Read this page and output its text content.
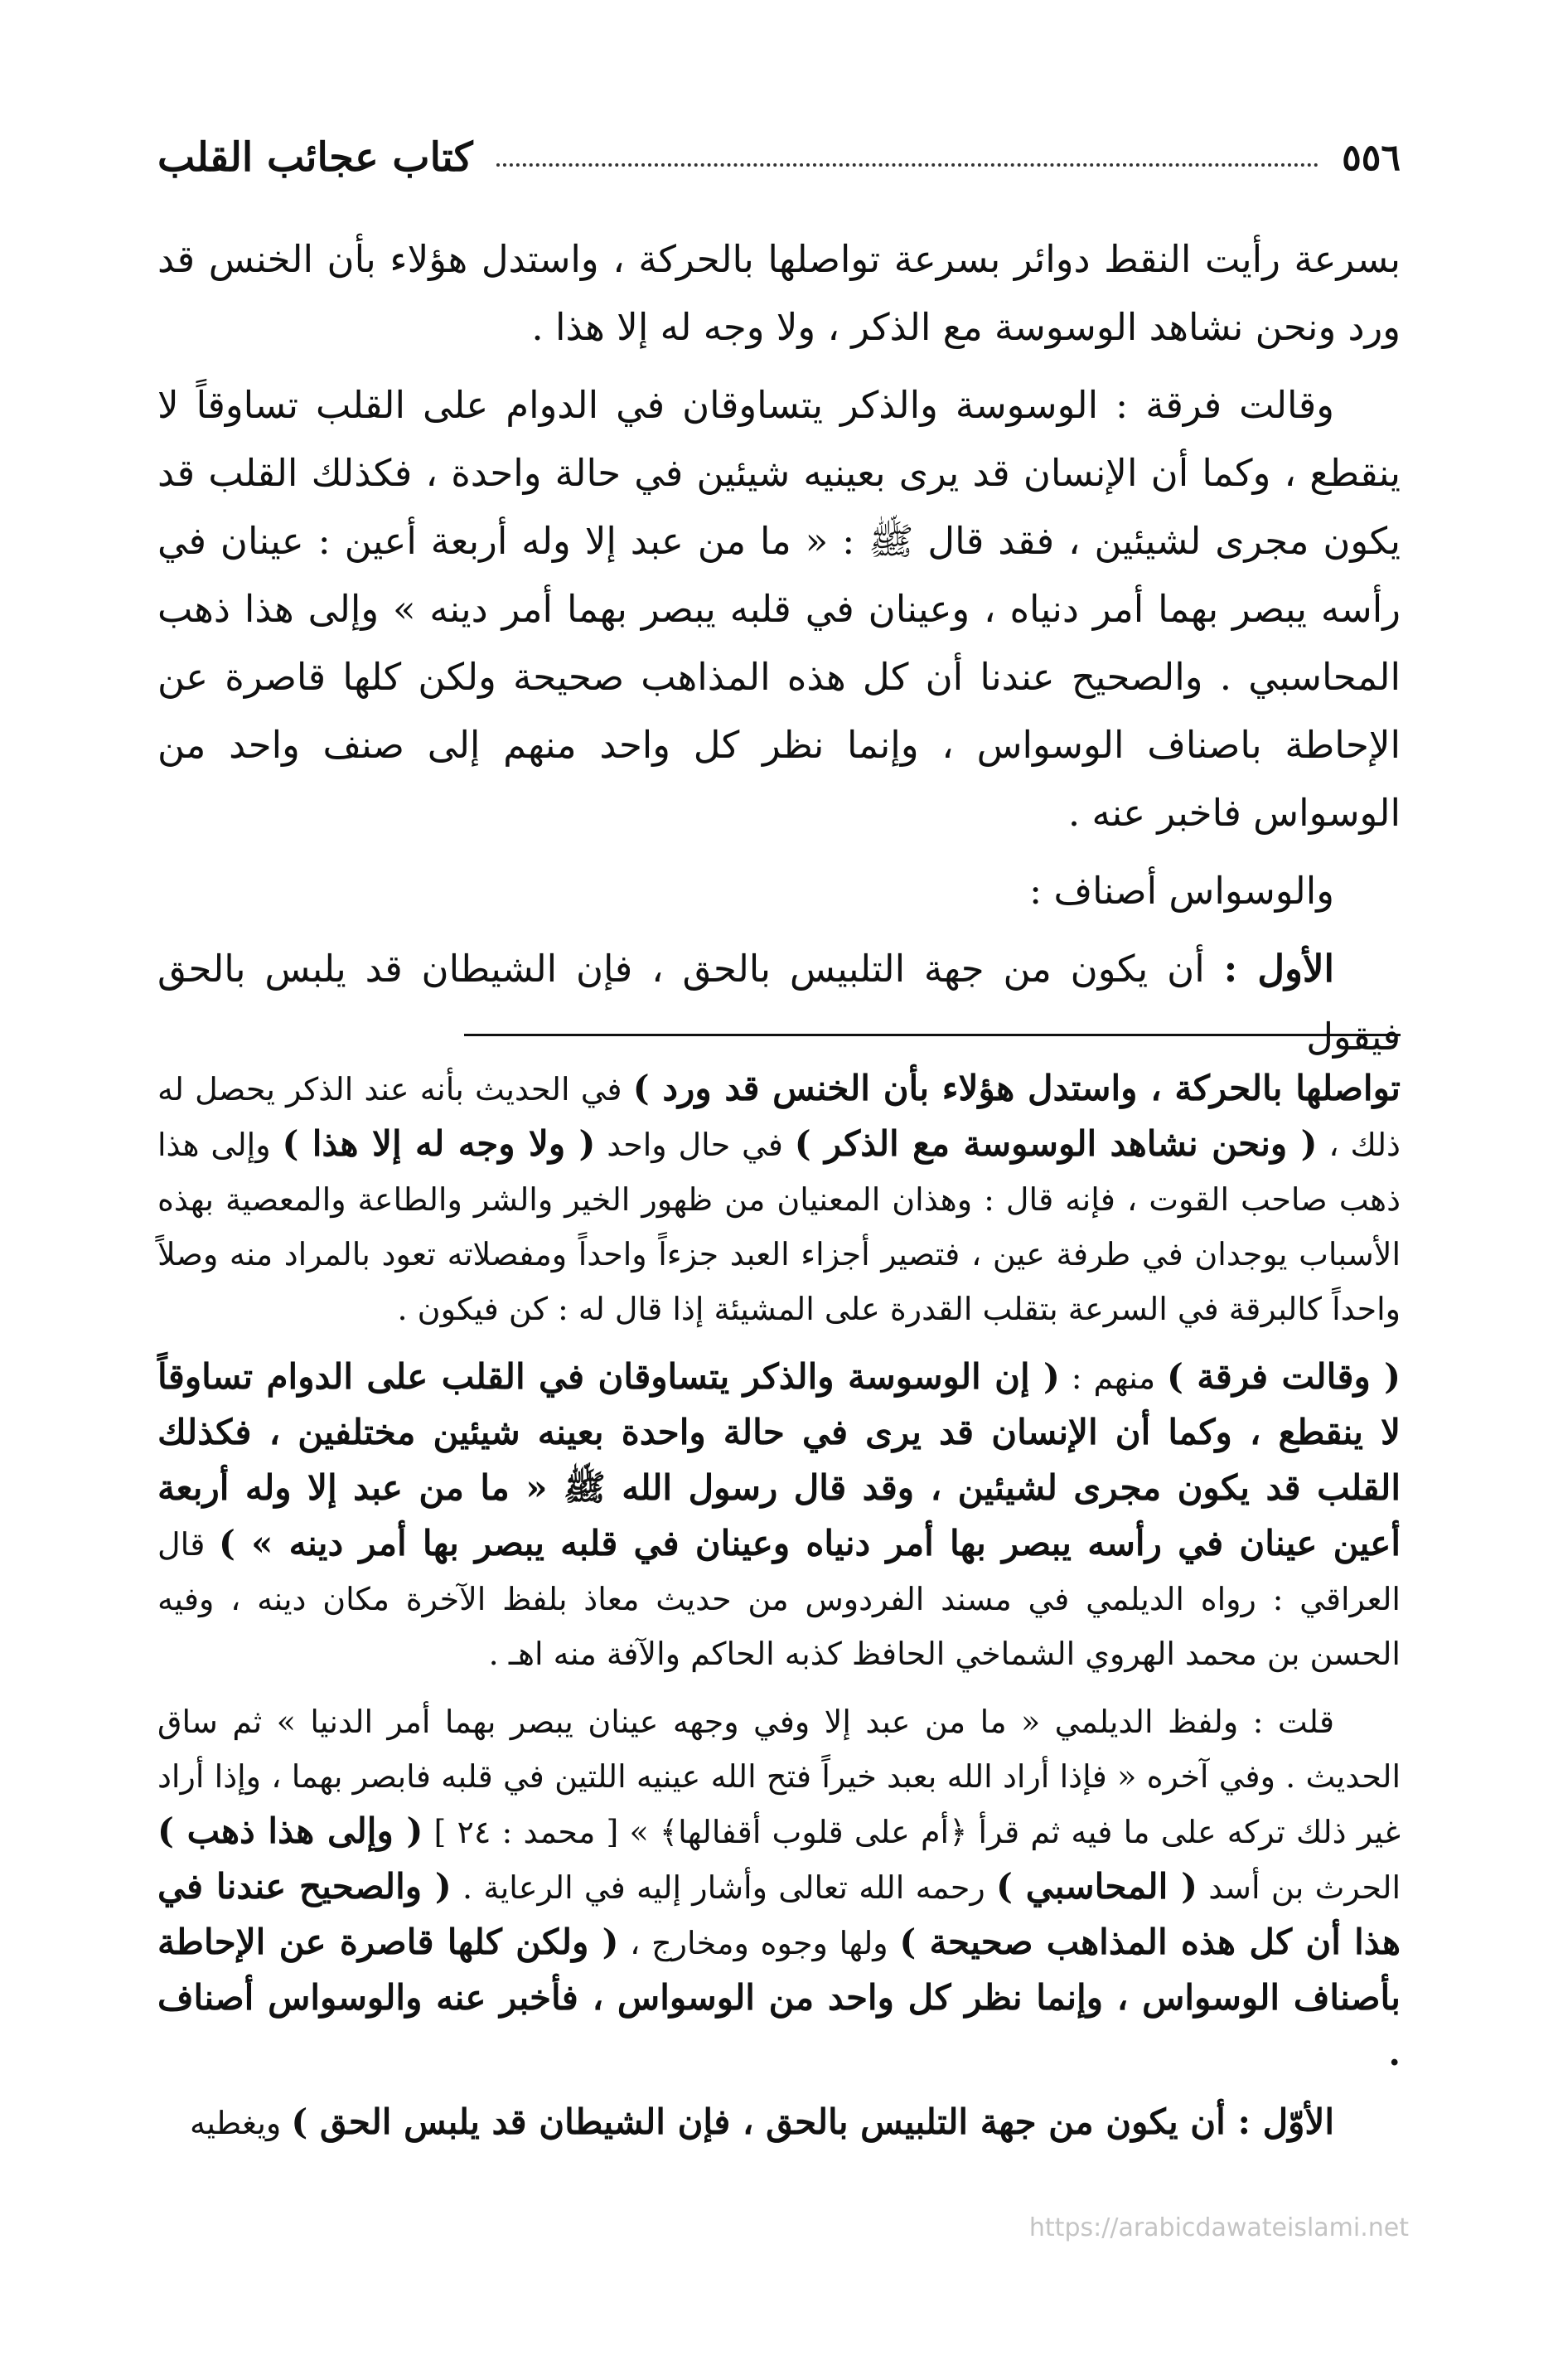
٥٥٦
كتاب عجائب القلب

بسرعة رأيت النقط دوائر بسرعة تواصلها بالحركة ، واستدل هؤلاء بأن الخنس قد ورد ونحن نشاهد الوسوسة مع الذكر ، ولا وجه له إلا هذا .

وقالت فرقة : الوسوسة والذكر يتساوقان في الدوام على القلب تساوقاً لا ينقطع ، وكما أن الإنسان قد يرى بعينيه شيئين في حالة واحدة ، فكذلك القلب قد يكون مجرى لشيئين ، فقد قال ﷺ : « ما من عبد إلا وله أربعة أعين : عينان في رأسه يبصر بهما أمر دنياه ، وعينان في قلبه يبصر بهما أمر دينه » وإلى هذا ذهب المحاسبي . والصحيح عندنا أن كل هذه المذاهب صحيحة ولكن كلها قاصرة عن الإحاطة باصناف الوسواس ، وإنما نظر كل واحد منهم إلى صنف واحد من الوسواس فاخبر عنه .

والوسواس أصناف :

الأول : أن يكون من جهة التلبيس بالحق ، فإن الشيطان قد يلبس بالحق فيقول

تواصلها بالحركة ، واستدل هؤلاء بأن الخنس قد ورد ) في الحديث بأنه عند الذكر يحصل له ذلك ، ( ونحن نشاهد الوسوسة مع الذكر ) في حال واحد ( ولا وجه له إلا هذا ) وإلى هذا ذهب صاحب القوت ، فإنه قال : وهذان المعنيان من ظهور الخير والشر والطاعة والمعصية بهذه الأسباب يوجدان في طرفة عين ، فتصير أجزاء العبد جزءاً واحداً ومفصلاته تعود بالمراد منه وصلاً واحداً كالبرقة في السرعة بتقلب القدرة على المشيئة إذا قال له : كن فيكون .

( وقالت فرقة ) منهم : ( إن الوسوسة والذكر يتساوقان في القلب على الدوام تساوقاً لا ينقطع ، وكما أن الإنسان قد يرى في حالة واحدة بعينه شيئين مختلفين ، فكذلك القلب قد يكون مجرى لشيئين ، وقد قال رسول الله ﷺ « ما من عبد إلا وله أربعة أعين عينان في رأسه يبصر بها أمر دنياه وعينان في قلبه يبصر بها أمر دينه » ) قال العراقي : رواه الديلمي في مسند الفردوس من حديث معاذ بلفظ الآخرة مكان دينه ، وفيه الحسن بن محمد الهروي الشماخي الحافظ كذبه الحاكم والآفة منه اهـ .

قلت : ولفظ الديلمي « ما من عبد إلا وفي وجهه عينان يبصر بهما أمر الدنيا » ثم ساق الحديث . وفي آخره « فإذا أراد الله بعبد خيراً فتح الله عينيه اللتين في قلبه فابصر بهما ، وإذا أراد غير ذلك تركه على ما فيه ثم قرأ ﴿أم على قلوب أقفالها﴾ » [ محمد : ٢٤ ] ( وإلى هذا ذهب ) الحرث بن أسد ( المحاسبي ) رحمه الله تعالى وأشار إليه في الرعاية . ( والصحيح عندنا في هذا أن كل هذه المذاهب صحيحة ) ولها وجوه ومخارج ، ( ولكن كلها قاصرة عن الإحاطة بأصناف الوسواس ، وإنما نظر كل واحد من الوسواس ، فأخبر عنه والوسواس أصناف .

الأوّل : أن يكون من جهة التلبيس بالحق ، فإن الشيطان قد يلبس الحق ) ويغطيه

https://arabicdawateislami.net
